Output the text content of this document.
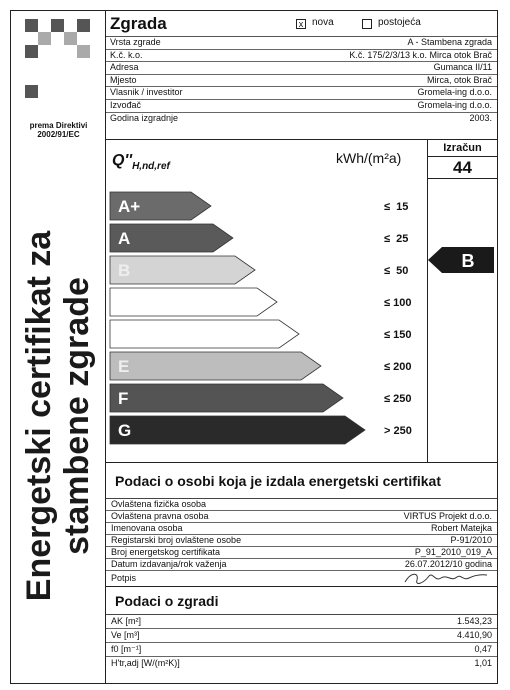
prema Direktivi
2002/91/EC
Energetski certifikat za stambene zgrade
Zgrada	x nova	postojeća
Vrsta zgrade	A - Stambena zgrada
K.č. k.o.	K.č. 175/2/3/13 k.o. Mirca otok Brač
Adresa	Gumanca II/11
Mjesto	Mirca, otok Brač
Vlasnik / investitor	Gromela-ing d.o.o.
Izvođač	Gromela-ing d.o.o.
Godina izgradnje	2003.
A+	≤  15
A	≤  25
B	≤  50
C	≤ 100
D	≤ 150
E	≤ 200
F	≤ 250
G	> 250
$Q''_{H,nd,ref}$
kWh/(m²a)
Izračun
44
B
Podaci o osobi koja je izdala energetski certifikat
Ovlaštena fizička osoba
Ovlaštena pravna osoba	VIRTUS Projekt d.o.o.
Imenovana osoba	Robert Matejka
Registarski broj ovlaštene osobe	P-91/2010
Broj energetskog certifikata	P_91_2010_019_A
Datum izdavanja/rok važenja	26.07.2012/10 godina
Potpis
Podaci o zgradi
AK [m²]	1.543,23
Ve [m³]	4.410,90
f0 [m⁻¹]	0,47
H'tr,adj [W/(m²K)]	1,01
